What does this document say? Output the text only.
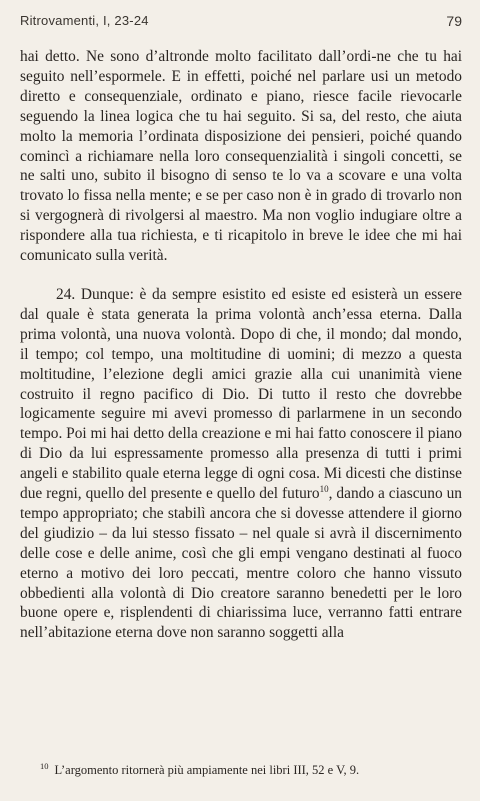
Ritrovamenti, I, 23-24	79

hai detto. Ne sono d’altronde molto facilitato dall’ordi-ne che tu hai seguito nell’espormele. E in effetti, poiché nel parlare usi un metodo diretto e consequenziale, ordinato e piano, riesce facile rievocarle seguendo la linea logica che tu hai seguito. Si sa, del resto, che aiuta molto la memoria l’ordinata disposizione dei pensieri, poiché quando comincì a richiamare nella loro consequenzialità i singoli concetti, se ne salti uno, subito il bisogno di senso te lo va a scovare e una volta trovato lo fissa nella mente; e se per caso non è in grado di trovarlo non si vergognerà di rivolgersi al maestro. Ma non voglio indugiare oltre a rispondere alla tua richiesta, e ti ricapitolo in breve le idee che mi hai comunicato sulla verità.

24. Dunque: è da sempre esistito ed esiste ed esisterà un essere dal quale è stata generata la prima volontà anch’essa eterna. Dalla prima volontà, una nuova volontà. Dopo di che, il mondo; dal mondo, il tempo; col tempo, una moltitudine di uomini; di mezzo a questa moltitudine, l’elezione degli amici grazie alla cui unanimità viene costruito il regno pacifico di Dio. Di tutto il resto che dovrebbe logicamente seguire mi avevi promesso di parlarmene in un secondo tempo. Poi mi hai detto della creazione e mi hai fatto conoscere il piano di Dio da lui espressamente promesso alla presenza di tutti i primi angeli e stabilito quale eterna legge di ogni cosa. Mi dicesti che distinse due regni, quello del presente e quello del futuro$^{10}$, dando a ciascuno un tempo appropriato; che stabilì ancora che si dovesse attendere il giorno del giudizio – da lui stesso fissato – nel quale si avrà il discernimento delle cose e delle anime, così che gli empi vengano destinati al fuoco eterno a motivo dei loro peccati, mentre coloro che hanno vissuto obbedienti alla volontà di Dio creatore saranno benedetti per le loro buone opere e, risplendenti di chiarissima luce, verranno fatti entrare nell’abitazione eterna dove non saranno soggetti alla

$^{10}$ L’argomento ritornerà più ampiamente nei libri III, 52 e V, 9.
